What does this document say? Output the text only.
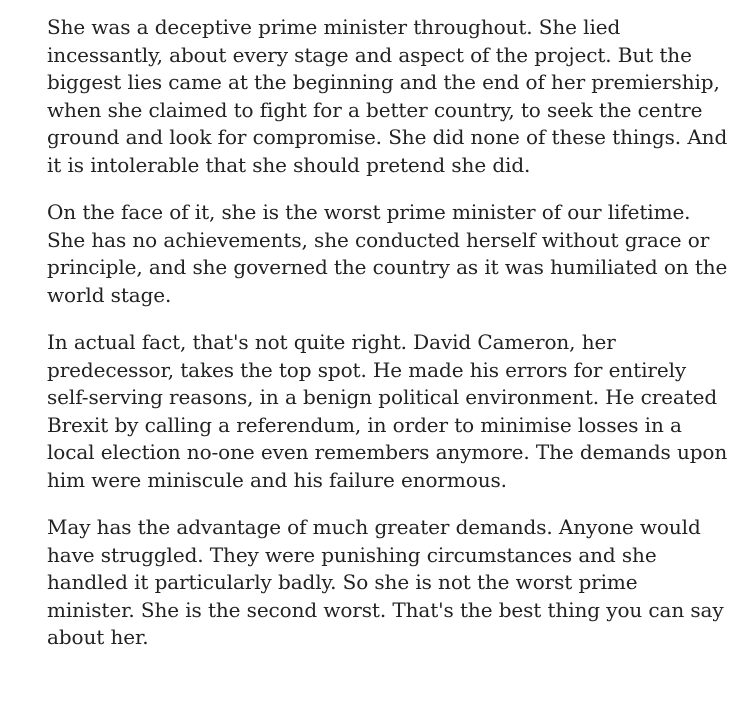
She was a deceptive prime minister throughout. She lied incessantly, about every stage and aspect of the project. But the biggest lies came at the beginning and the end of her premiership, when she claimed to fight for a better country, to seek the centre ground and look for compromise. She did none of these things. And it is intolerable that she should pretend she did.

On the face of it, she is the worst prime minister of our lifetime. She has no achievements, she conducted herself without grace or principle, and she governed the country as it was humiliated on the world stage.

In actual fact, that's not quite right. David Cameron, her predecessor, takes the top spot. He made his errors for entirely self-serving reasons, in a benign political environment. He created Brexit by calling a referendum, in order to minimise losses in a local election no-one even remembers anymore. The demands upon him were miniscule and his failure enormous.

May has the advantage of much greater demands. Anyone would have struggled. They were punishing circumstances and she handled it particularly badly. So she is not the worst prime minister. She is the second worst. That's the best thing you can say about her.
